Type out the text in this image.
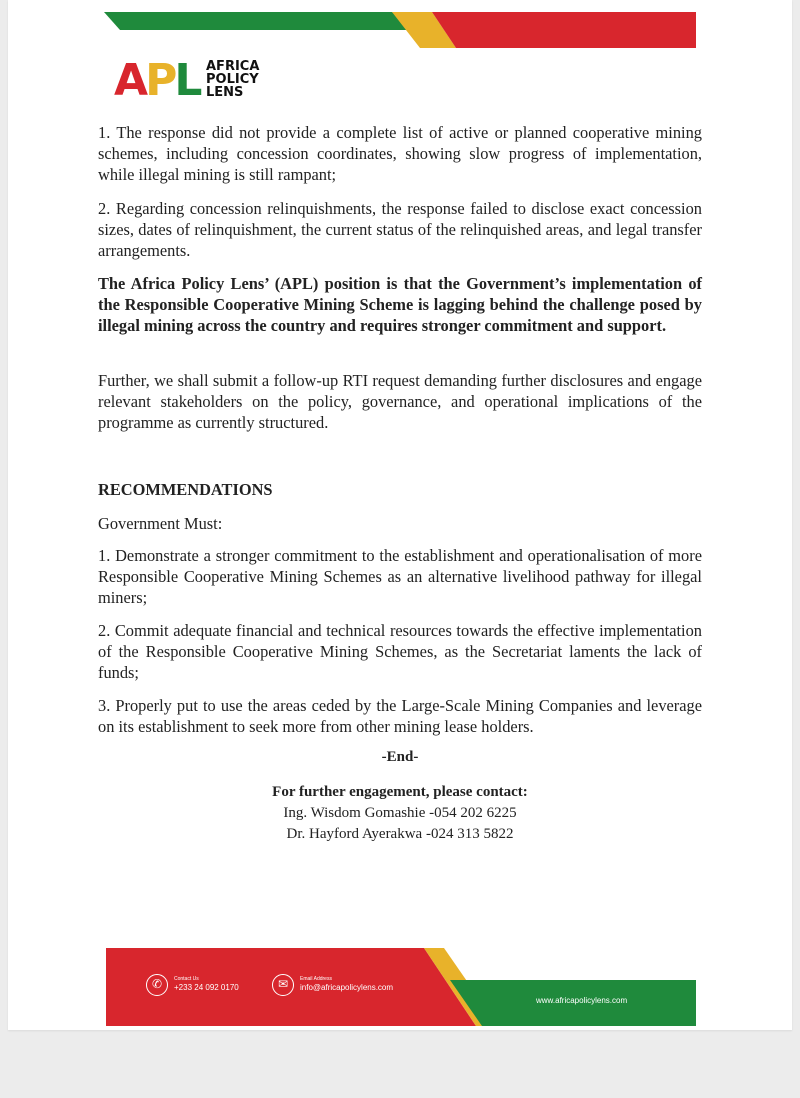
APL AFRICA
POLICY
LENS

1. The response did not provide a complete list of active or planned cooperative mining schemes, including concession coordinates, showing slow progress of implementation, while illegal mining is still rampant;

2. Regarding concession relinquishments, the response failed to disclose exact concession sizes, dates of relinquishment, the current status of the relinquished areas, and legal transfer arrangements.

The Africa Policy Lens’ (APL) position is that the Government’s implementation of the Responsible Cooperative Mining Scheme is lagging behind the challenge posed by illegal mining across the country and requires stronger commitment and support.

Further, we shall submit a follow-up RTI request demanding further disclosures and engage relevant stakeholders on the policy, governance, and operational implications of the programme as currently structured.

RECOMMENDATIONS

Government Must:

1. Demonstrate a stronger commitment to the establishment and operationalisation of more Responsible Cooperative Mining Schemes as an alternative livelihood pathway for illegal miners;

2. Commit adequate financial and technical resources towards the effective implementation of the Responsible Cooperative Mining Schemes, as the Secretariat laments the lack of funds;

3. Properly put to use the areas ceded by the Large-Scale Mining Companies and leverage on its establishment to seek more from other mining lease holders.

-End-
For further engagement, please contact:
Ing. Wisdom Gomashie -054 202 6225
Dr. Hayford Ayerakwa -024 313 5822
✆	Contact Us
+233 24 092 0170	✉	Email Address
info@africapolicylens.com
www.africapolicylens.com
